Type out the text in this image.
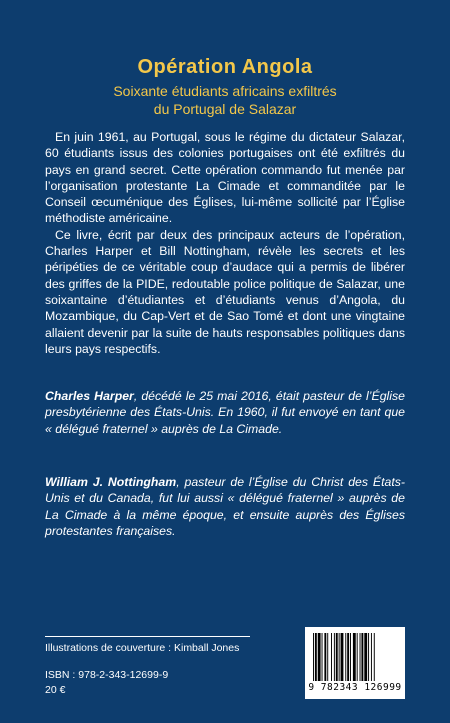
Opération Angola
Soixante étudiants africains exfiltrés
du Portugal de Salazar

En juin 1961, au Portugal, sous le régime du dictateur Salazar, 60 étudiants issus des colonies portugaises ont été exfiltrés du pays en grand secret. Cette opération commando fut menée par l’organisation protestante La Cimade et commanditée par le Conseil œcuménique des Églises, lui-même sollicité par l’Église méthodiste américaine.

Ce livre, écrit par deux des principaux acteurs de l’opération, Charles Harper et Bill Nottingham, révèle les secrets et les péripéties de ce véritable coup d’audace qui a permis de libérer des griffes de la PIDE, redoutable police politique de Salazar, une soixantaine d’étudiantes et d’étudiants venus d’Angola, du Mozambique, du Cap-Vert et de Sao Tomé et dont une vingtaine allaient devenir par la suite de hauts responsables politiques dans leurs pays respectifs.

Charles Harper, décédé le 25 mai 2016, était pasteur de l’Église presbytérienne des États-Unis. En 1960, il fut envoyé en tant que « délégué fraternel » auprès de La Cimade.
William J. Nottingham, pasteur de l’Église du Christ des États-Unis et du Canada, fut lui aussi « délégué fraternel » auprès de La Cimade à la même époque, et ensuite auprès des Églises protestantes françaises.
Illustrations de couverture : Kimball Jones
ISBN : 978-2-343-12699-9
20 €	9 782343 126999
